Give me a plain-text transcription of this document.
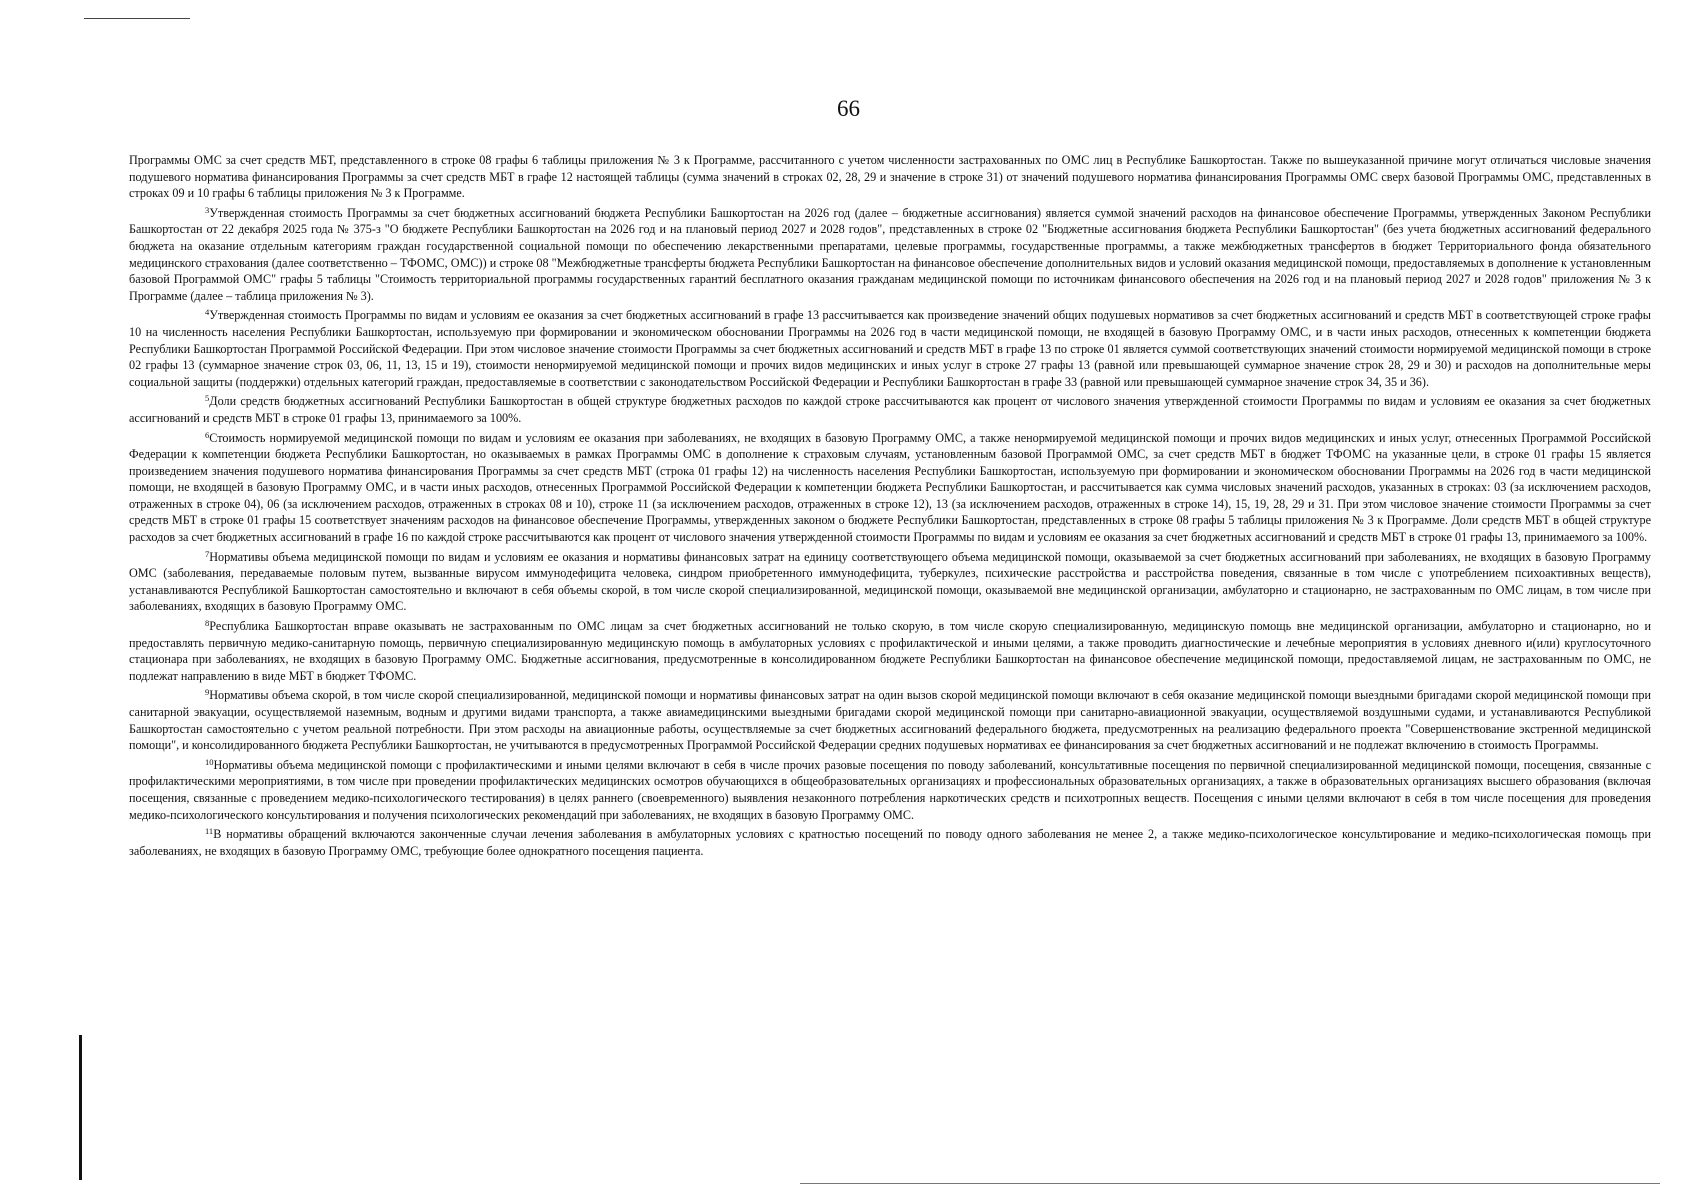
66

Программы ОМС за счет средств МБТ, представленного в строке 08 графы 6 таблицы приложения № 3 к Программе, рассчитанного с учетом численности застрахованных по ОМС лиц в Республике Башкортостан. Также по вышеуказанной причине могут отличаться числовые значения подушевого норматива финансирования Программы за счет средств МБТ в графе 12 настоящей таблицы (сумма значений в строках 02, 28, 29 и значение в строке 31) от значений подушевого норматива финансирования Программы ОМС сверх базовой Программы ОМС, представленных в строках 09 и 10 графы 6 таблицы приложения № 3 к Программе.

$^3$Утвержденная стоимость Программы за счет бюджетных ассигнований бюджета Республики Башкортостан на 2026 год (далее – бюджетные ассигнования) является суммой значений расходов на финансовое обеспечение Программы, утвержденных Законом Республики Башкортостан от 22 декабря 2025 года № 375-з "О бюджете Республики Башкортостан на 2026 год и на плановый период 2027 и 2028 годов", представленных в строке 02 "Бюджетные ассигнования бюджета Республики Башкортостан" (без учета бюджетных ассигнований федерального бюджета на оказание отдельным категориям граждан государственной социальной помощи по обеспечению лекарственными препаратами, целевые программы, государственные программы, а также межбюджетных трансфертов в бюджет Территориального фонда обязательного медицинского страхования (далее соответственно – ТФОМС, ОМС)) и строке 08 "Межбюджетные трансферты бюджета Республики Башкортостан на финансовое обеспечение дополнительных видов и условий оказания медицинской помощи, предоставляемых в дополнение к установленным базовой Программой ОМС" графы 5 таблицы "Стоимость территориальной программы государственных гарантий бесплатного оказания гражданам медицинской помощи по источникам финансового обеспечения на 2026 год и на плановый период 2027 и 2028 годов" приложения № 3 к Программе (далее – таблица приложения № 3).

$^4$Утвержденная стоимость Программы по видам и условиям ее оказания за счет бюджетных ассигнований в графе 13 рассчитывается как произведение значений общих подушевых нормативов за счет бюджетных ассигнований и средств МБТ в соответствующей строке графы 10 на численность населения Республики Башкортостан, используемую при формировании и экономическом обосновании Программы на 2026 год в части медицинской помощи, не входящей в базовую Программу ОМС, и в части иных расходов, отнесенных к компетенции бюджета Республики Башкортостан Программой Российской Федерации. При этом числовое значение стоимости Программы за счет бюджетных ассигнований и средств МБТ в графе 13 по строке 01 является суммой соответствующих значений стоимости нормируемой медицинской помощи в строке 02 графы 13 (суммарное значение строк 03, 06, 11, 13, 15 и 19), стоимости ненормируемой медицинской помощи и прочих видов медицинских и иных услуг в строке 27 графы 13 (равной или превышающей суммарное значение строк 28, 29 и 30) и расходов на дополнительные меры социальной защиты (поддержки) отдельных категорий граждан, предоставляемые в соответствии с законодательством Российской Федерации и Республики Башкортостан в графе 33 (равной или превышающей суммарное значение строк 34, 35 и 36).

$^5$Доли средств бюджетных ассигнований Республики Башкортостан в общей структуре бюджетных расходов по каждой строке рассчитываются как процент от числового значения утвержденной стоимости Программы по видам и условиям ее оказания за счет бюджетных ассигнований и средств МБТ в строке 01 графы 13, принимаемого за 100%.

$^6$Стоимость нормируемой медицинской помощи по видам и условиям ее оказания при заболеваниях, не входящих в базовую Программу ОМС, а также ненормируемой медицинской помощи и прочих видов медицинских и иных услуг, отнесенных Программой Российской Федерации к компетенции бюджета Республики Башкортостан, но оказываемых в рамках Программы ОМС в дополнение к страховым случаям, установленным базовой Программой ОМС, за счет средств МБТ в бюджет ТФОМС на указанные цели, в строке 01 графы 15 является произведением значения подушевого норматива финансирования Программы за счет средств МБТ (строка 01 графы 12) на численность населения Республики Башкортостан, используемую при формировании и экономическом обосновании Программы на 2026 год в части медицинской помощи, не входящей в базовую Программу ОМС, и в части иных расходов, отнесенных Программой Российской Федерации к компетенции бюджета Республики Башкортостан, и рассчитывается как сумма числовых значений расходов, указанных в строках: 03 (за исключением расходов, отраженных в строке 04), 06 (за исключением расходов, отраженных в строках 08 и 10), строке 11 (за исключением расходов, отраженных в строке 12), 13 (за исключением расходов, отраженных в строке 14), 15, 19, 28, 29 и 31. При этом числовое значение стоимости Программы за счет средств МБТ в строке 01 графы 15 соответствует значениям расходов на финансовое обеспечение Программы, утвержденных законом о бюджете Республики Башкортостан, представленных в строке 08 графы 5 таблицы приложения № 3 к Программе. Доли средств МБТ в общей структуре расходов за счет бюджетных ассигнований в графе 16 по каждой строке рассчитываются как процент от числового значения утвержденной стоимости Программы по видам и условиям ее оказания за счет бюджетных ассигнований и средств МБТ в строке 01 графы 13, принимаемого за 100%.

$^7$Нормативы объема медицинской помощи по видам и условиям ее оказания и нормативы финансовых затрат на единицу соответствующего объема медицинской помощи, оказываемой за счет бюджетных ассигнований при заболеваниях, не входящих в базовую Программу ОМС (заболевания, передаваемые половым путем, вызванные вирусом иммунодефицита человека, синдром приобретенного иммунодефицита, туберкулез, психические расстройства и расстройства поведения, связанные в том числе с употреблением психоактивных веществ), устанавливаются Республикой Башкортостан самостоятельно и включают в себя объемы скорой, в том числе скорой специализированной, медицинской помощи, оказываемой вне медицинской организации, амбулаторно и стационарно, не застрахованным по ОМС лицам, в том числе при заболеваниях, входящих в базовую Программу ОМС.

$^8$Республика Башкортостан вправе оказывать не застрахованным по ОМС лицам за счет бюджетных ассигнований не только скорую, в том числе скорую специализированную, медицинскую помощь вне медицинской организации, амбулаторно и стационарно, но и предоставлять первичную медико-санитарную помощь, первичную специализированную медицинскую помощь в амбулаторных условиях с профилактической и иными целями, а также проводить диагностические и лечебные мероприятия в условиях дневного и(или) круглосуточного стационара при заболеваниях, не входящих в базовую Программу ОМС. Бюджетные ассигнования, предусмотренные в консолидированном бюджете Республики Башкортостан на финансовое обеспечение медицинской помощи, предоставляемой лицам, не застрахованным по ОМС, не подлежат направлению в виде МБТ в бюджет ТФОМС.

$^9$Нормативы объема скорой, в том числе скорой специализированной, медицинской помощи и нормативы финансовых затрат на один вызов скорой медицинской помощи включают в себя оказание медицинской помощи выездными бригадами скорой медицинской помощи при санитарной эвакуации, осуществляемой наземным, водным и другими видами транспорта, а также авиамедицинскими выездными бригадами скорой медицинской помощи при санитарно-авиационной эвакуации, осуществляемой воздушными судами, и устанавливаются Республикой Башкортостан самостоятельно с учетом реальной потребности. При этом расходы на авиационные работы, осуществляемые за счет бюджетных ассигнований федерального бюджета, предусмотренных на реализацию федерального проекта "Совершенствование экстренной медицинской помощи", и консолидированного бюджета Республики Башкортостан, не учитываются в предусмотренных Программой Российской Федерации средних подушевых нормативах ее финансирования за счет бюджетных ассигнований и не подлежат включению в стоимость Программы.

$^{10}$Нормативы объема медицинской помощи с профилактическими и иными целями включают в себя в числе прочих разовые посещения по поводу заболеваний, консультативные посещения по первичной специализированной медицинской помощи, посещения, связанные с профилактическими мероприятиями, в том числе при проведении профилактических медицинских осмотров обучающихся в общеобразовательных организациях и профессиональных образовательных организациях, а также в образовательных организациях высшего образования (включая посещения, связанные с проведением медико-психологического тестирования) в целях раннего (своевременного) выявления незаконного потребления наркотических средств и психотропных веществ. Посещения с иными целями включают в себя в том числе посещения для проведения медико-психологического консультирования и получения психологических рекомендаций при заболеваниях, не входящих в базовую Программу ОМС.

$^{11}$В нормативы обращений включаются законченные случаи лечения заболевания в амбулаторных условиях с кратностью посещений по поводу одного заболевания не менее 2, а также медико-психологическое консультирование и медико-психологическая помощь при заболеваниях, не входящих в базовую Программу ОМС, требующие более однократного посещения пациента.
